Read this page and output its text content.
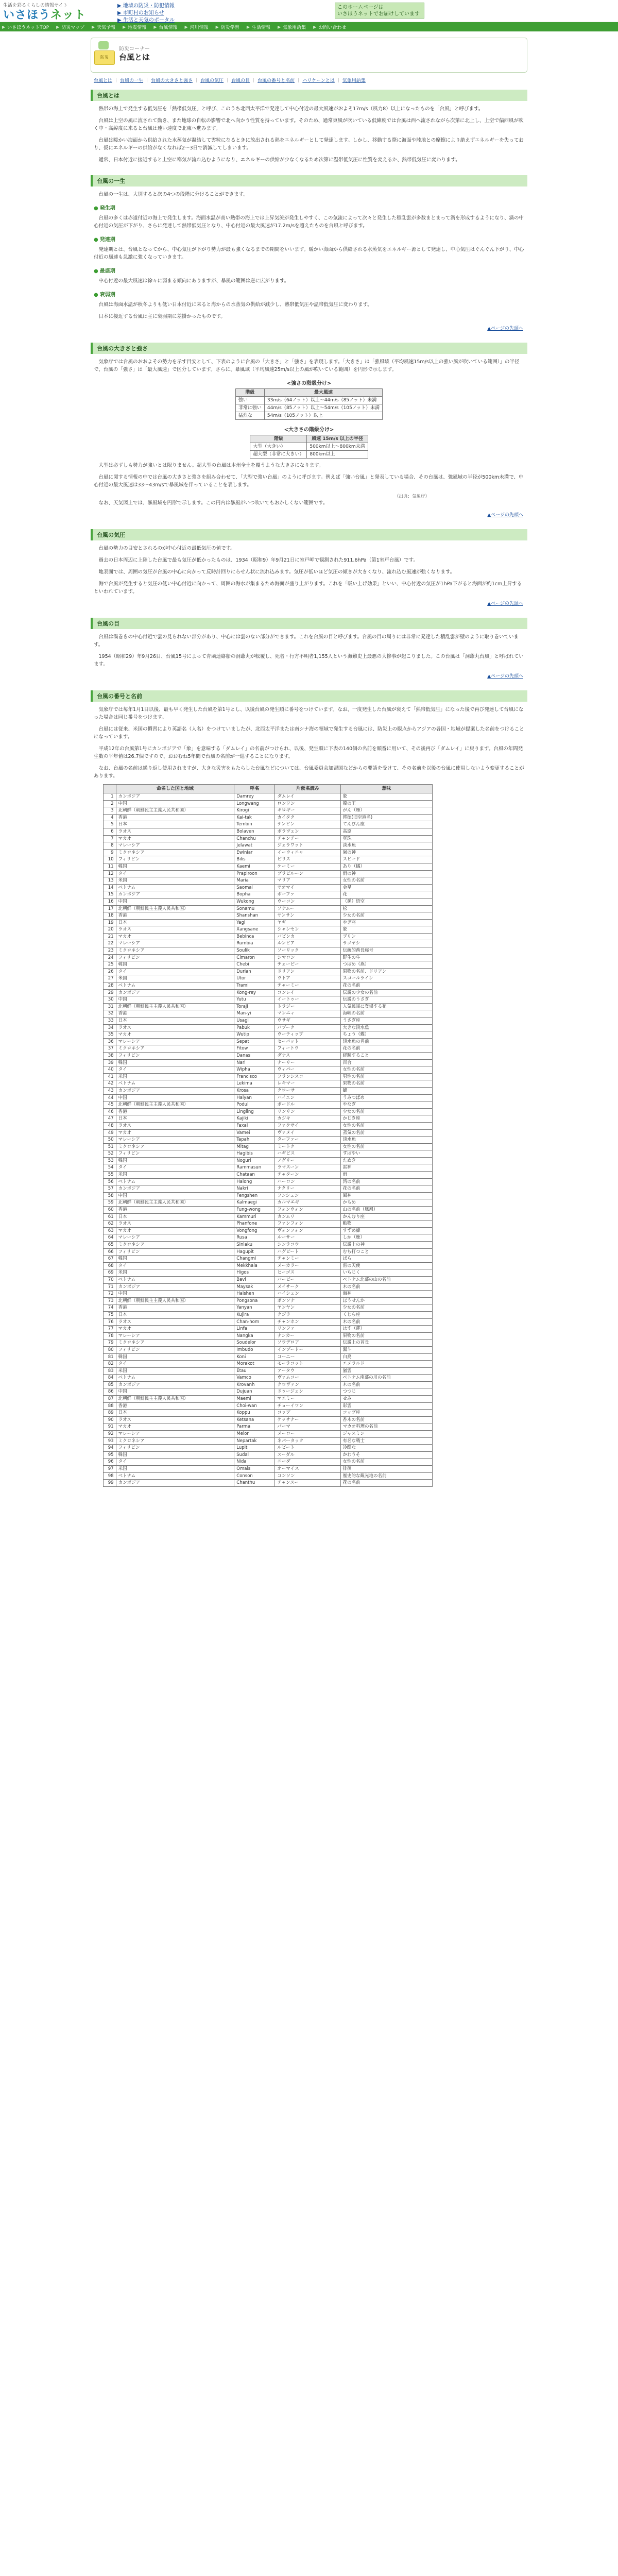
生活を彩るくらしの情報サイト
いさほうネット
▶ 地域の防災・防犯情報
▶ 市町村のお知らせ
▶ 生活と天気のポータル
このホームページは
いさほうネットでお届けしています
▶ いさほうネットTOP ▶ 防災マップ ▶ 天気予報 ▶ 地震情報 ▶ 台風情報 ▶ 河川情報 ▶ 防災学習 ▶ 生活情報 ▶ 気象用語集 ▶ お問い合わせ
防災
防災コーナー
台風とは
台風とは ｜ 台風の一生 ｜ 台風の大きさと強さ ｜ 台風の気圧 ｜ 台風の目 ｜ 台風の番号と名前 ｜ ハリケーンとは ｜ 気象用語集
台風とは

熱帯の海上で発生する低気圧を「熱帯低気圧」と呼び、このうち北西太平洋で発達して中心付近の最大風速がおよそ17m/s（風力8）以上になったものを「台風」と呼びます。

台風は上空の風に流されて動き、また地球の自転の影響で北へ向かう性質を持っています。そのため、通常東風が吹いている低緯度では台風は西へ流されながら次第に北上し、上空で偏西風が吹く中・高緯度に来ると台風は速い速度で北東へ進みます。

台風は暖かい海面から供給された水蒸気が凝結して雲粒になるときに放出される熱をエネルギーとして発達します。しかし、移動する際に海面や陸地との摩擦により絶えずエネルギーを失っており、仮にエネルギーの供給がなくなれば2〜3日で消滅してしまいます。

通常、日本付近に接近すると上空に寒気が流れ込むようになり、エネルギーの供給が少なくなるため次第に温帯低気圧に性質を変えるか、熱帯低気圧に変わります。

台風の一生

台風の一生は、大別すると次の4つの段階に分けることができます。

● 発生期

台風の多くは赤道付近の海上で発生します。海面水温が高い熱帯の海上では上昇気流が発生しやすく、この気流によって次々と発生した積乱雲が多数まとまって渦を形成するようになり、渦の中心付近の気圧が下がり、さらに発達して熱帯低気圧となり、中心付近の最大風速が17.2m/sを超えたものを台風と呼びます。

● 発達期

発達期とは、台風となってから、中心気圧が下がり勢力が最も強くなるまでの期間をいいます。暖かい海面から供給される水蒸気をエネルギー源として発達し、中心気圧はぐんぐん下がり、中心付近の風速も急激に強くなっていきます。

● 最盛期

中心付近の最大風速は徐々に弱まる傾向にありますが、暴風の範囲は逆に広がります。

● 衰弱期

台風は海面水温が秋冬よりも低い日本付近に来ると海からの水蒸気の供給が減少し、熱帯低気圧や温帯低気圧に変わります。

日本に接近する台風は主に衰弱期に差掛かったものです。

▲ページの先頭へ
台風の大きさと強さ

気象庁では台風のおおよその勢力を示す目安として、下表のように台風の「大きさ」と「強さ」を表現します。「大きさ」は「強風域（平均風速15m/s以上の強い風が吹いている範囲）」の半径で、台風の「強さ」は「最大風速」で区分しています。さらに、暴風域（平均風速25m/s以上の風が吹いている範囲）を円形で示します。

<強さの階級分け>
階級	最大風速
強い	33m/s（64ノット）以上〜44m/s（85ノット）未満
非常に強い	44m/s（85ノット）以上〜54m/s（105ノット）未満
猛烈な	54m/s（105ノット）以上
<大きさの階級分け>
階級	風速 15m/s 以上の半径
大型（大きい）	500km以上〜800km未満
超大型（非常に大きい）	800km以上

大型は必ずしも勢力が強いとは限りません。超大型の台風は本州全土を覆うような大きさになります。

台風に関する情報の中では台風の大きさと強さを組み合わせて、「大型で強い台風」のように呼びます。例えば「強い台風」と発表している場合、その台風は、強風域の半径が500km未満で、中心付近の最大風速は33〜43m/sで暴風域を伴っていることを表します。

（出典：気象庁）

なお、天気図上では、暴風域を円形で示します。この円内は暴風がいつ吹いてもおかしくない範囲です。

▲ページの先頭へ
台風の気圧

台風の勢力の目安とされるのが中心付近の最低気圧の値です。

過去の日本周辺に上陸した台風で最も気圧が低かったものは、1934（昭和9）年9月21日に室戸岬で観測された911.6hPa（第1室戸台風）です。

地表面では、周囲の気圧が台風の中心に向かって反時計回りにらせん状に流れ込みます。気圧が低いほど気圧の傾きが大きくなり、流れ込む風速が強くなります。

海で台風が発生すると気圧の低い中心付近に向かって、周囲の海水が集まるため海面が盛り上がります。これを「吸い上げ効果」といい、中心付近の気圧が1hPa下がると海面が約1cm上昇するといわれています。

▲ページの先頭へ
台風の目

台風は渦巻きの中心付近で雲の見られない部分があり、中心には雲のない部分ができます。これを台風の目と呼びます。台風の目の周りには非常に発達した積乱雲が壁のように取り巻いています。

1954（昭和29）年9月26日、台風15号によって青函連絡船の洞爺丸が転覆し、死者・行方不明者1,155人という海難史上最悪の大惨事が起こりました。この台風は「洞爺丸台風」と呼ばれています。

▲ページの先頭へ
台風の番号と名前

気象庁では毎年1月1日以後、最も早く発生した台風を第1号とし、以後台風の発生順に番号をつけています。なお、一度発生した台風が衰えて「熱帯低気圧」になった後で再び発達して台風になった場合は同じ番号をつけます。

台風には従来、米国の慣習により英語名（人名）をつけていましたが、北西太平洋または南シナ海の領域で発生する台風には、防災上の観点からアジアの各国・地域が提案した名前をつけることになっています。

平成12年の台風第1号にカンボジアで「象」を意味する「ダムレイ」の名前がつけられ、以後、発生順に下表の140個の名前を順番に用いて、その後再び「ダムレイ」に戻ります。台風の年間発生数の平年値は26.7個ですので、おおむね5年間で台風の名前が一巡することになります。

なお、台風の名前は繰り返し使用されますが、大きな災害をもたらした台風などについては、台風委員会加盟国などからの要請を受けて、その名前を以後の台風に使用しないよう変更することがあります。

	命名した国と地域	呼名	片仮名読み	意味
1	カンボジア	Damrey	ダムレイ	象
2	中国	Longwang	ロンワン	龍の王
3	北朝鮮（朝鮮民主主義人民共和国）	Kirogi	キロギー	がん（雁）
4	香港	Kai-tak	カイタク	啓徳(旧空港名)
5	日本	Tembin	テンビン	てんびん座
6	ラオス	Bolaven	ボラヴェン	高原
7	マカオ	Chanchu	チャンチー	真珠
8	マレーシア	Jelawat	ジェラワット	淡水魚
9	ミクロネシア	Ewiniar	イーウィニャ	嵐の神
10	フィリピン	Bilis	ビリス	スピード
11	韓国	Kaemi	ケーミー	あり（蟻）
12	タイ	Prapiroon	プラピルーン	雨の神
13	米国	Maria	マリア	女性の名前
14	ベトナム	Saomai	サオマイ	金星
15	カンボジア	Bopha	ボーファ	花
16	中国	Wukong	ウーコン	（孫）悟空
17	北朝鮮（朝鮮民主主義人民共和国）	Sonamu	ソナムー	松
18	香港	Shanshan	サンサン	少女の名前
19	日本	Yagi	ヤギ	やぎ座
20	ラオス	Xangsane	シャンセン	象
21	マカオ	Bebinca	バビンカ	プリン
22	マレーシア	Rumbia	ルンビア	サゴヤシ
23	ミクロネシア	Soulik	ソーリック	伝統的酋長称号
24	フィリピン	Cimaron	シマロン	野生の牛
25	韓国	Chebi	チェービー	つばめ（燕）
26	タイ	Durian	ドリアン	果物の名前、ドリアン
27	米国	Utor	ウトア	スコールライン
28	ベトナム	Trami	チャーミー	花の名前
29	カンボジア	Kong-rey	コンレイ	伝説の少女の名前
30	中国	Yutu	イートゥー	伝説のうさぎ
31	北朝鮮（朝鮮民主主義人民共和国）	Toraji	トラジー	人気民謡に登場する花
32	香港	Man-yi	マンニィ	海峡の名前
33	日本	Usagi	ウサギ	うさぎ座
34	ラオス	Pabuk	パブーク	大きな淡水魚
35	マカオ	Wutip	ウーティップ	ちょう（蝶）
36	マレーシア	Sepat	セーパット	淡水魚の名前
37	ミクロネシア	Fitow	フィートウ	花の名前
38	フィリピン	Danas	ダナス	経験すること
39	韓国	Nari	ナーリー	百合
40	タイ	Wipha	ウィパー	女性の名前
41	米国	Francisco	フランシスコ	男性の名前
42	ベトナム	Lekima	レキマー	果物の名前
43	カンボジア	Krosa	クローサ	鶴
44	中国	Haiyan	ハイエン	うみつばめ
45	北朝鮮（朝鮮民主主義人民共和国）	Podul	ポードル	やなぎ
46	香港	Lingling	リンリン	少女の名前
47	日本	Kajiki	カジキ	かじき座
48	ラオス	Faxai	ファクサイ	女性の名前
49	マカオ	Vamei	ヴァメイ	蒸気の名前
50	マレーシア	Tapah	ターファー	淡水魚
51	ミクロネシア	Mitag	ミートク	女性の名前
52	フィリピン	Hagibis	ハギビス	すばやい
53	韓国	Noguri	ノグリー	たぬき
54	タイ	Rammasun	ラマスーン	雷神
55	米国	Chataan	チャターン	雨
56	ベトナム	Halong	ハーロン	湾の名前
57	カンボジア	Nakri	ナクリー	花の名前
58	中国	Fengshen	フンシェン	風神
59	北朝鮮（朝鮮民主主義人民共和国）	Kalmaegi	カルマエギ	かもめ
60	香港	Fung-wong	フォンウォン	山の名前（鳳凰）
61	日本	Kammuri	カンムリ	かんむり座
62	ラオス	Phanfone	ファンフォン	動物
63	マカオ	Vongfong	ヴォンフォン	すずめ蜂
64	マレーシア	Rusa	ルーサー	しか（鹿）
65	ミクロネシア	Sinlaku	シンラコウ	伝説上の神
66	フィリピン	Hagupit	ハグピート	むち打つこと
67	韓国	Changmi	チャンミー	ばら
68	タイ	Mekkhala	メーカラー	雷の天使
69	米国	Higos	ヒーゴス	いちじく
70	ベトナム	Bavi	バービー	ベトナム北部の山の名前
71	カンボジア	Maysak	メイサーク	木の名前
72	中国	Haishen	ハイシェン	海神
73	北朝鮮（朝鮮民主主義人民共和国）	Pongsona	ポンソナ	ほうせんか
74	香港	Yanyan	ヤンヤン	少女の名前
75	日本	Kujira	クジラ	くじら座
76	ラオス	Chan-hom	チャンホン	木の名前
77	マカオ	Linfa	リンファ	はす（蓮）
78	マレーシア	Nangka	ナンカー	果物の名前
79	ミクロネシア	Soudelor	ソウデロア	伝説上の首長
80	フィリピン	Imbudo	インブードー	漏斗
81	韓国	Koni	コーニー	白鳥
82	タイ	Morakot	モーラコット	エメラルド
83	米国	Etau	アータウ	嵐雲
84	ベトナム	Vamco	ヴァムコー	ベトナム南部の川の名前
85	カンボジア	Krovanh	クロヴァン	木の名前
86	中国	Dujuan	ドゥージェン	つつじ
87	北朝鮮（朝鮮民主主義人民共和国）	Maemi	マエミー	せみ
88	香港	Choi-wan	チョーイワン	彩雲
89	日本	Koppu	コップ	コップ座
90	ラオス	Ketsana	ケッサナー	香木の名前
91	マカオ	Parma	パーマ	マカオ料理の名前
92	マレーシア	Melor	メーロー	ジャスミン
93	ミクロネシア	Nepartak	ネパータック	有名な戦士
94	フィリピン	Lupit	ルピート	冷酷な
95	韓国	Sudal	スーダル	かわうそ
96	タイ	Nida	ニーダ	女性の名前
97	米国	Omais	オーマイス	徘徊
98	ベトナム	Conson	コンソン	歴史的な観光地の名前
99	カンボジア	Chanthu	チャンスー	花の名前
